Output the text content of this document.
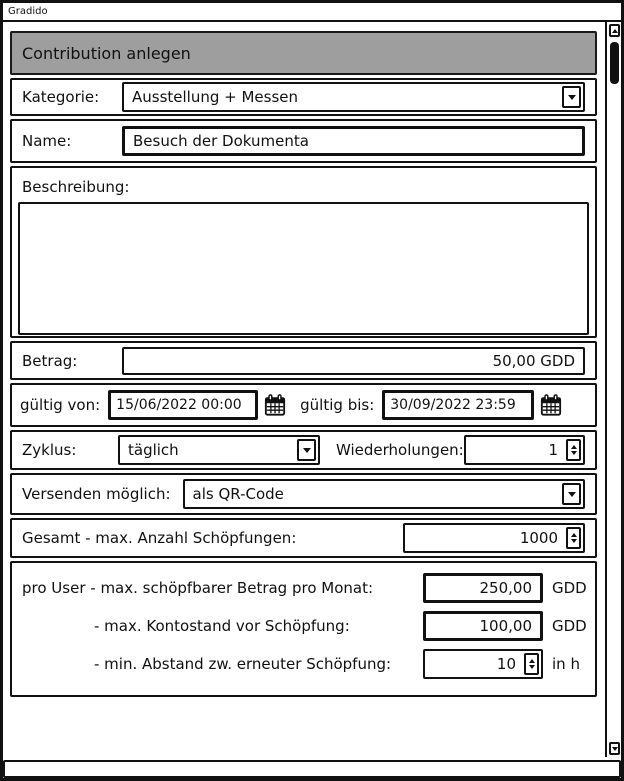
Gradido
Contribution anlegen
Kategorie:	Ausstellung + Messen
Name:
Besuch der Dokumenta
Beschreibung:
Betrag:
50,00 GDD
gültig von:
15/06/2022 00:00	gültig bis:
30/09/2022 23:59
Zyklus:	täglich	Wiederholungen:	1
Versenden möglich:	als QR-Code
Gesamt - max. Anzahl Schöpfungen:	1000
pro User - max. schöpfbarer Betrag pro Monat:
250,00	GDD
- max. Kontostand vor Schöpfung:
100,00	GDD
- min. Abstand zw. erneuter Schöpfung:	10	in h
